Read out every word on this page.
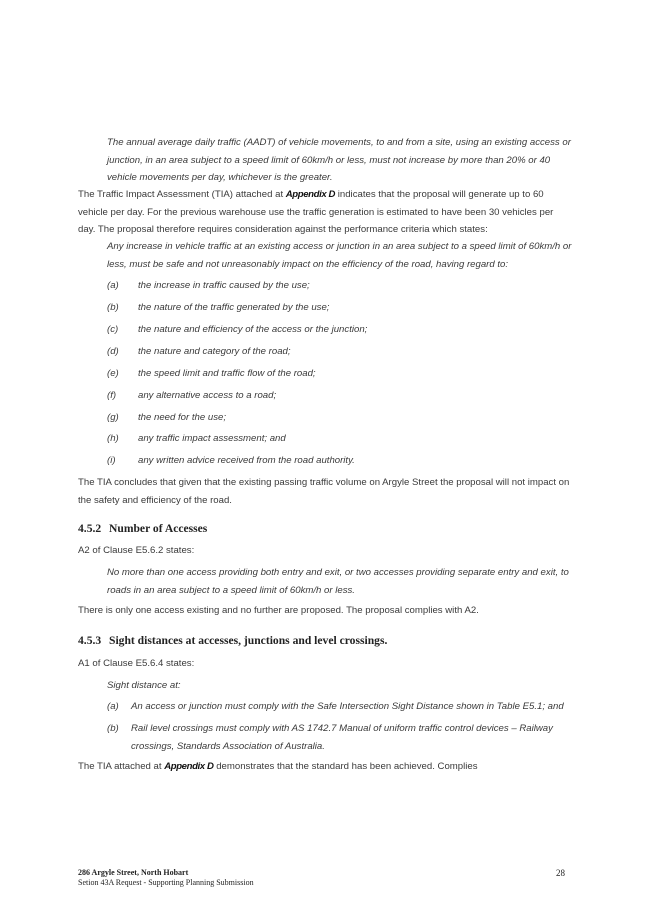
The annual average daily traffic (AADT) of vehicle movements, to and from a site, using an existing access or junction, in an area subject to a speed limit of 60km/h or less, must not increase by more than 20% or 40 vehicle movements per day, whichever is the greater.

The Traffic Impact Assessment (TIA) attached at Appendix D indicates that the proposal will generate up to 60 vehicle per day. For the previous warehouse use the traffic generation is estimated to have been 30 vehicles per day. The proposal therefore requires consideration against the performance criteria which states:

Any increase in vehicle traffic at an existing access or junction in an area subject to a speed limit of 60km/h or less, must be safe and not unreasonably impact on the efficiency of the road, having regard to:

(a) the increase in traffic caused by the use;
(b) the nature of the traffic generated by the use;
(c) the nature and efficiency of the access or the junction;
(d) the nature and category of the road;
(e) the speed limit and traffic flow of the road;
(f) any alternative access to a road;
(g) the need for the use;
(h) any traffic impact assessment; and
(i) any written advice received from the road authority.

The TIA concludes that given that the existing passing traffic volume on Argyle Street the proposal will not impact on the safety and efficiency of the road.

4.5.2 Number of Accesses

A2 of Clause E5.6.2 states:

No more than one access providing both entry and exit, or two accesses providing separate entry and exit, to roads in an area subject to a speed limit of 60km/h or less.

There is only one access existing and no further are proposed. The proposal complies with A2.

4.5.3 Sight distances at accesses, junctions and level crossings.

A1 of Clause E5.6.4 states:

Sight distance at:

(a) An access or junction must comply with the Safe Intersection Sight Distance shown in Table E5.1; and
(b) Rail level crossings must comply with AS 1742.7 Manual of uniform traffic control devices – Railway crossings, Standards Association of Australia.

The TIA attached at Appendix D demonstrates that the standard has been achieved. Complies

286 Argyle Street, North Hobart
Setion 43A Request - Supporting Planning Submission
28
